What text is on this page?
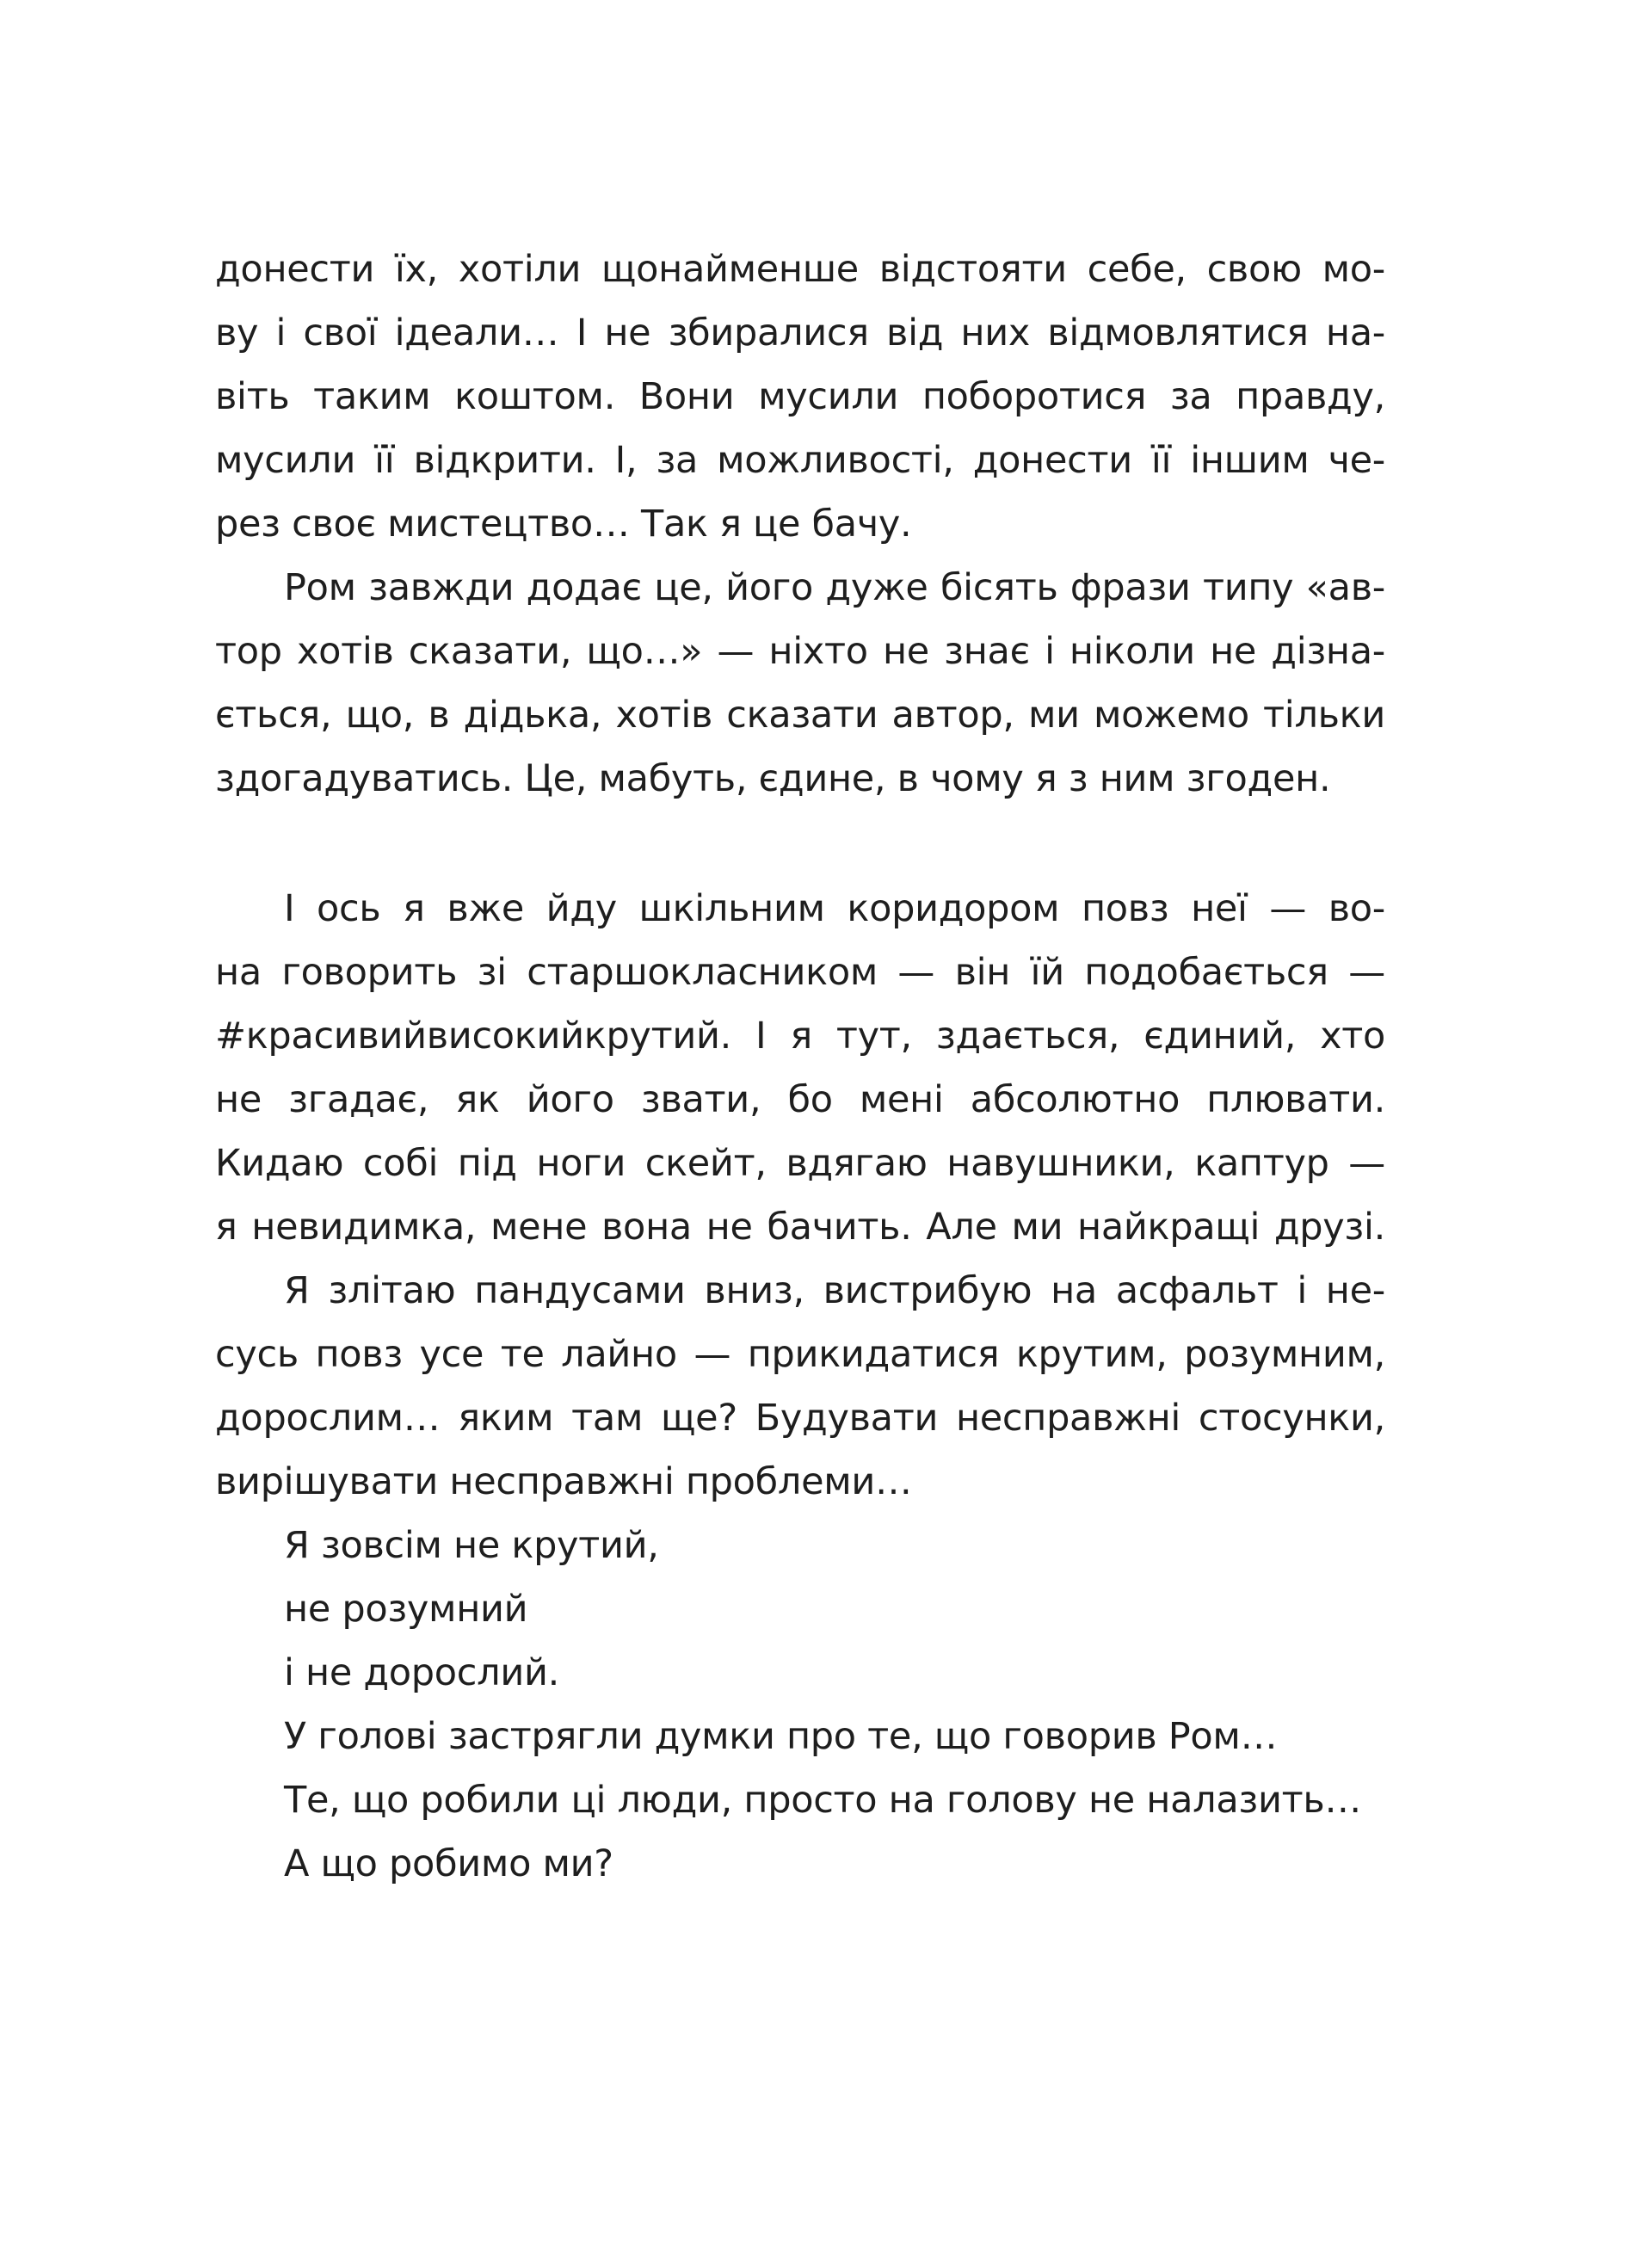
донести їх, хотіли щонайменше відстояти себе, свою мо-
ву і свої ідеали… І не збиралися від них відмовлятися на-
віть таким коштом. Вони мусили поборотися за правду,
мусили її відкрити. І, за можливості, донести її іншим че-
рез своє мистецтво… Так я це бачу.
Ром завжди додає це, його дуже бісять фрази типу «ав-
тор хотів сказати, що…» — ніхто не знає і ніколи не дізна-
ється, що, в дідька, хотів сказати автор, ми можемо тільки
здогадуватись. Це, мабуть, єдине, в чому я з ним згоден.
І ось я вже йду шкільним коридором повз неї — во-
на говорить зі старшокласником — він їй подобається —
#красивийвисокийкрутий. І я тут, здається, єдиний, хто
не згадає, як його звати, бо мені абсолютно плювати.
Кидаю собі під ноги скейт, вдягаю навушники, каптур —
я невидимка, мене вона не бачить. Але ми найкращі друзі.
Я злітаю пандусами вниз, вистрибую на асфальт і не-
сусь повз усе те лайно — прикидатися крутим, розумним,
дорослим… яким там ще? Будувати несправжні стосунки,
вирішувати несправжні проблеми…
Я зовсім не крутий,
не розумний
і не дорослий.
У голові застрягли думки про те, що говорив Ром…
Те, що робили ці люди, просто на голову не налазить…
А що робимо ми?
